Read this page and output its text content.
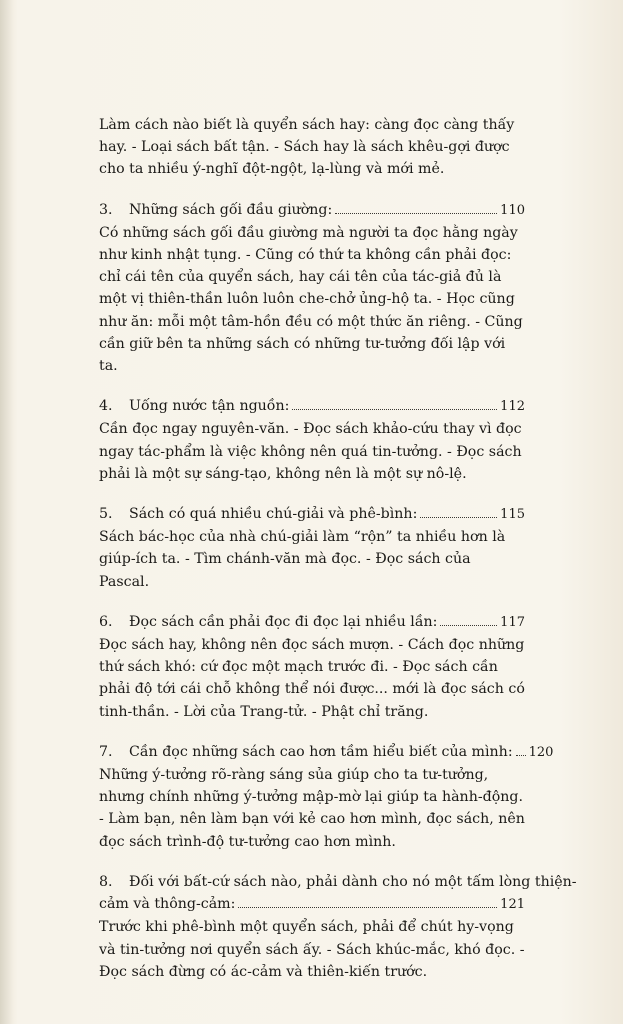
Làm cách nào biết là quyển sách hay: càng đọc càng thấy hay. - Loại sách bất tận. - Sách hay là sách khêu-gợi được cho ta nhiều ý-nghĩ đột-ngột, lạ-lùng và mới mẻ.

3.	Những sách gối đầu giường:	110

Có những sách gối đầu giường mà người ta đọc hằng ngày như kinh nhật tụng. - Cũng có thứ ta không cần phải đọc: chỉ cái tên của quyển sách, hay cái tên của tác-giả đủ là một vị thiên-thần luôn luôn che-chở ủng-hộ ta. - Học cũng như ăn: mỗi một tâm-hồn đều có một thức ăn riêng. - Cũng cần giữ bên ta những sách có những tư-tưởng đối lập với ta.

4.	Uống nước tận nguồn:	112

Cần đọc ngay nguyên-văn. - Đọc sách khảo-cứu thay vì đọc ngay tác-phẩm là việc không nên quá tin-tưởng. - Đọc sách phải là một sự sáng-tạo, không nên là một sự nô-lệ.

5.	Sách có quá nhiều chú-giải và phê-bình:	115

Sách bác-học của nhà chú-giải làm “rộn” ta nhiều hơn là giúp-ích ta. - Tìm chánh-văn mà đọc. - Đọc sách của Pascal.

6.	Đọc sách cần phải đọc đi đọc lại nhiều lần:	117

Đọc sách hay, không nên đọc sách mượn. - Cách đọc những thứ sách khó: cứ đọc một mạch trước đi. - Đọc sách cần phải độ tới cái chỗ không thể nói được... mới là đọc sách có tinh-thần. - Lời của Trang-tử. - Phật chỉ trăng.

7.	Cần đọc những sách cao hơn tầm hiểu biết của mình: 120

Những ý-tưởng rõ-ràng sáng sủa giúp cho ta tư-tưởng, nhưng chính những ý-tưởng mập-mờ lại giúp ta hành-động. - Làm bạn, nên làm bạn với kẻ cao hơn mình, đọc sách, nên đọc sách trình-độ tư-tưởng cao hơn mình.

8.	Đối với bất-cứ sách nào, phải dành cho nó một tấm lòng thiện-
cảm và thông-cảm:	121

Trước khi phê-bình một quyển sách, phải để chút hy-vọng và tin-tưởng nơi quyển sách ấy. - Sách khúc-mắc, khó đọc. - Đọc sách đừng có ác-cảm và thiên-kiến trước.
